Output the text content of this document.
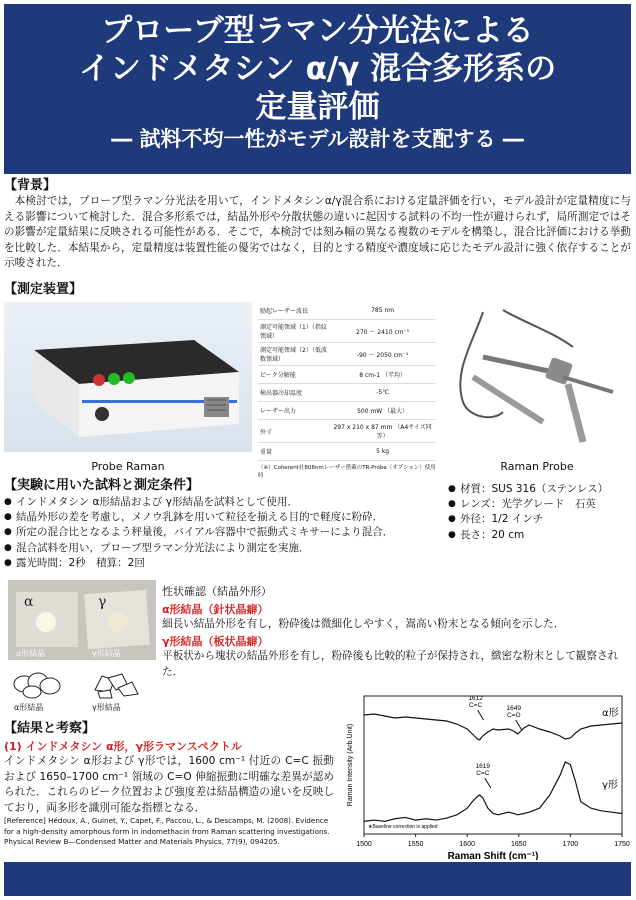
プローブ型ラマン分光法による
インドメタシン α/γ 混合多形系の
定量評価
― 試料不均一性がモデル設計を支配する ―
【背景】
本検討では，プローブ型ラマン分光法を用いて，インドメタシンα/γ混合系における定量評価を行い，モデル設計が定量精度に与える影響について検討した．混合多形系では，結晶外形や分散状態の違いに起因する試料の不均一性が避けられず，局所測定ではその影響が定量結果に反映される可能性がある．そこで，本検討では刻み幅の異なる複数のモデルを構築し，混合比評価における挙動を比較した．本結果から，定量精度は装置性能の優劣ではなく，目的とする精度や濃度域に応じたモデル設計に強く依存することが示唆された．
【測定装置】
Probe Raman
励起レーザー波長	785 nm
測定可能領域（1）（指紋領域）	270 ～ 2410 cm⁻¹
測定可能領域（2）（低波数領域）	-90 ～ 2050 cm⁻¹
ピーク分解能	8 cm-1 （半均）
検出器冷却温度	-5℃
レーザー出力	500 mW （最大）
外寸	297 x 210 x 87 mm （A4サイズ同等）
重量	5 kg
（※）Coherent社808nmレーザー搭載のTR-Probe（オプション）使用時
Raman Probe
● 材質：SUS 316（ステンレス）
● レンズ：光学グレード　石英
● 外径：1/2 インチ
● 長さ：20 cm
【実験に用いた試料と測定条件】
● インドメタシン α形結晶および γ形結晶を試料として使用．
● 結晶外形の差を考慮し，メノウ乳鉢を用いて粒径を揃える目的で軽度に粉砕．
● 所定の混合比となるよう秤量後，バイアル容器中で振動式ミキサーにより混合．
● 混合試料を用い，プローブ型ラマン分光法により測定を実施．
● 露光時間：2秒　積算：2回
α	γ
α形結晶	γ形結晶
α形結晶	γ形結晶
性状確認（結晶外形）
α形結晶（針状晶癖）
細長い結晶外形を有し，粉砕後は微細化しやすく，嵩高い粉末となる傾向を示した．
γ形結晶（板状晶癖）
平板状から塊状の結晶外形を有し，粉砕後も比較的粒子が保持され，緻密な粉末として観察された．
【結果と考察】
(1) インドメタシン α形，γ形ラマンスペクトル
インドメタシン α形および γ形では，1600 cm⁻¹ 付近の C=C 振動および 1650–1700 cm⁻¹ 領域の C=O 伸縮振動に明確な差異が認められた．これらのピーク位置および強度差は結晶構造の違いを反映しており，両多形を識別可能な指標となる．
[Reference] Hédoux, A., Guinet, Y., Capet, F., Paccou, L., & Descamps, M. (2008). Evidence for a high-density amorphous form in indomethacin from Raman scattering investigations. Physical Review B—Condensed Matter and Materials Physics, 77(9), 094205.	1500	1550	1600	1650	1700	1750
Raman Shift (cm⁻¹)
Raman Intensity (Arb.Unit)
α形
γ形
1612
C=C	1649
C=O
1619
C=C
★Baseline correction is applied
